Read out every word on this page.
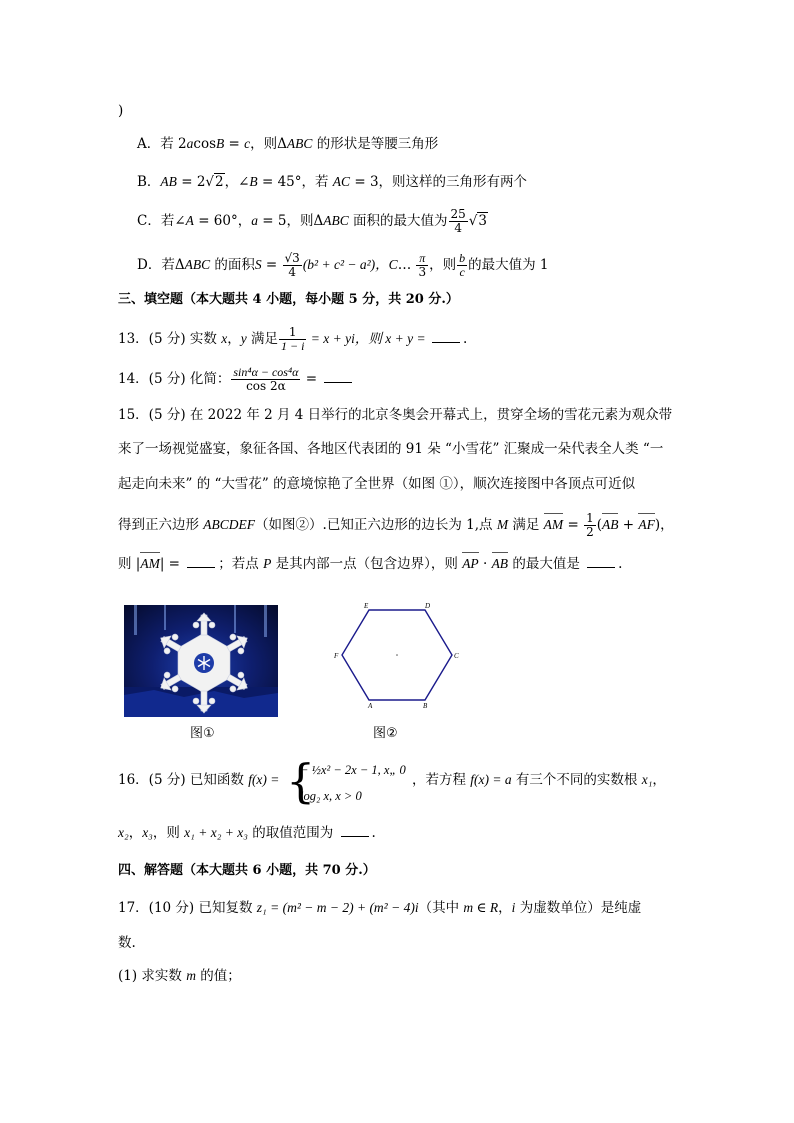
)
A．若 2acosB = c，则ΔABC 的形状是等腰三角形
B．AB = 2√2，∠B = 45°，若 AC = 3，则这样的三角形有两个
C．若∠A = 60°，a = 5，则ΔABC 面积的最大值为 $\frac{25}{4} √3$
D．若ΔABC 的面积$S = \frac{√3}{4} (b^2 + c^2 - a^2)$，C… $\frac{\pi}{3}$ ，则 $\frac{b}{c}$ 的最大值为 1
三、填空题（本大题共 4 小题，每小题 5 分，共 20 分.）
13．(5 分) 实数 x，y 满足 $\frac{1}{1 - i} = x$ + yi，则 x + y =	.
14．(5 分) 化简： $\frac{\text{sin⁴α − cos⁴α}}{\cos 2\alpha}$ =
15．(5 分) 在 2022 年 2 月 4 日举行的北京冬奥会开幕式上，贯穿全场的雪花元素为观众带
来了一场视觉盛宴，象征各国、各地区代表团的 91 朵 “小雪花” 汇聚成一朵代表全人类 “一
起走向未来” 的 “大雪花” 的意境惊艳了全世界（如图 ①），顺次连接图中各顶点可近似
得到正六边形 ABCDEF（如图②）.已知正六边形的边长为 1,点 M 满足 AM = $\frac{1}{2} (AB + AF)$，
则 |AM| =	；若点 P 是其内部一点（包含边界），则 AP · AB 的最大值是	.
图①
E	D
F	C
A	B
图②
16．(5 分) 已知函数 f(x) = {
− ½x² − 2x − 1, x„ 0
log₂ x, x > 0
，若方程 f(x) = a 有三个不同的实数根 x₁，
x₂，x₃，则 x₁ + x₂ + x₃ 的取值范围为	.
四、解答题（本大题共 6 小题，共 70 分.）
17．(10 分) 已知复数 z₁ = (m² − m − 2) + (m² − 4)i（其中 m ∈ R，i 为虚数单位）是纯虚
数.
(1) 求实数 m 的值；
